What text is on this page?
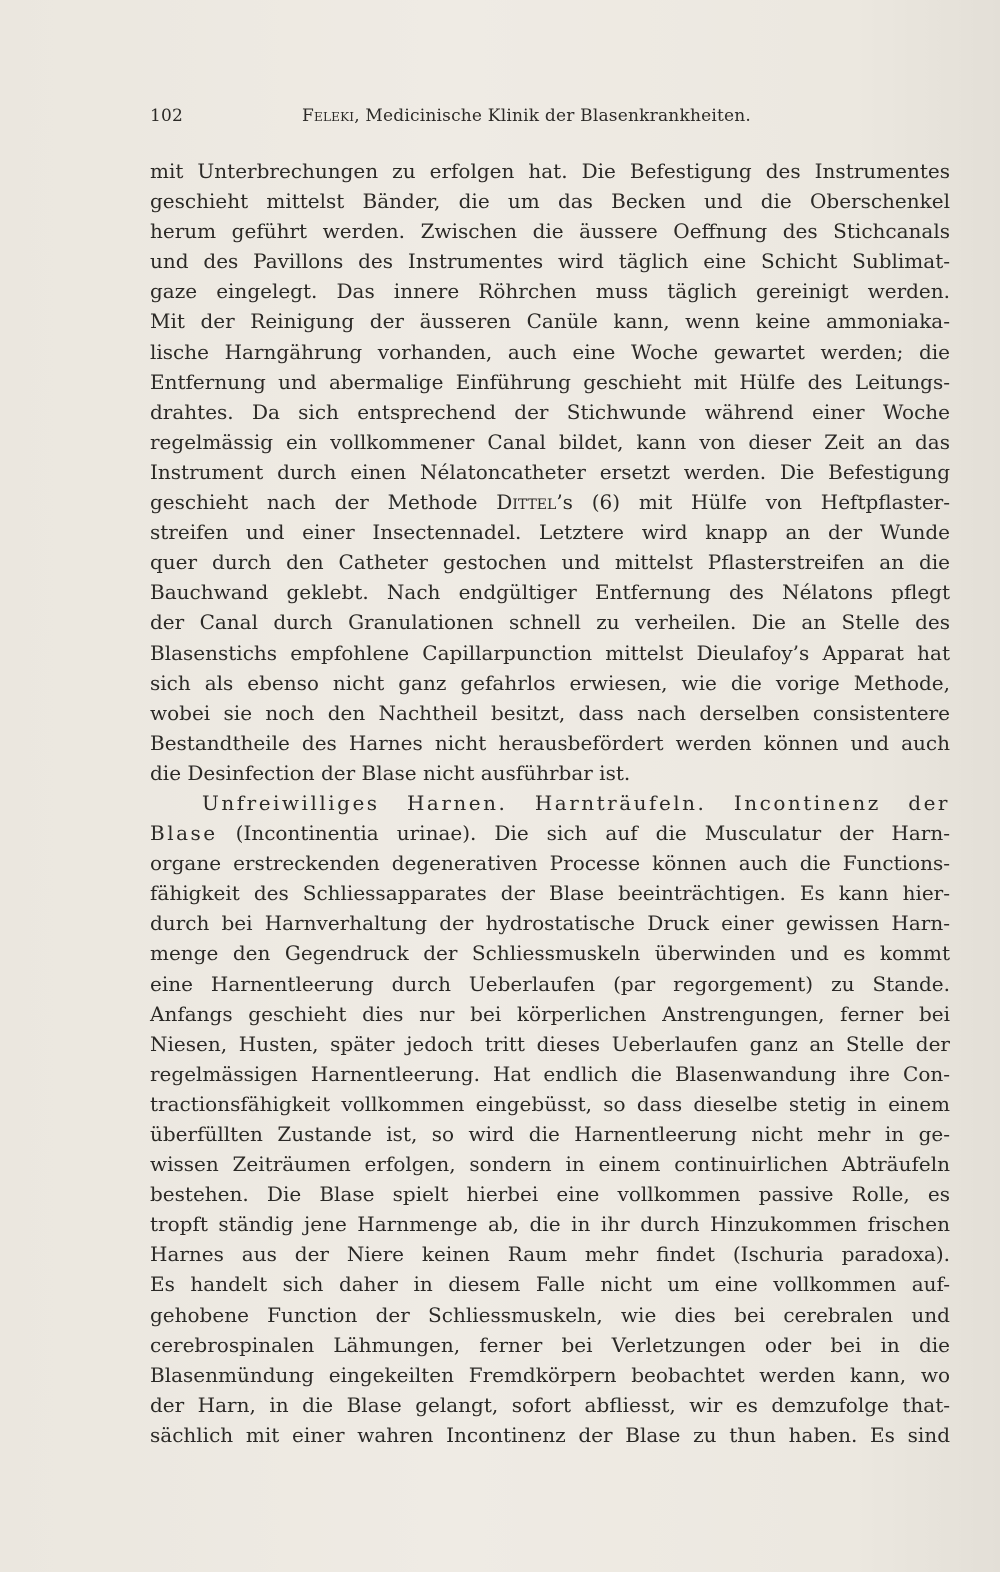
102	Feleki, Medicinische Klinik der Blasenkrankheiten.
mit Unterbrechungen zu erfolgen hat. Die Befestigung des Instrumentes
geschieht mittelst Bänder, die um das Becken und die Oberschenkel
herum geführt werden. Zwischen die äussere Oeffnung des Stichcanals
und des Pavillons des Instrumentes wird täglich eine Schicht Sublimat-
gaze eingelegt. Das innere Röhrchen muss täglich gereinigt werden.
Mit der Reinigung der äusseren Canüle kann, wenn keine ammoniaka-
lische Harngährung vorhanden, auch eine Woche gewartet werden; die
Entfernung und abermalige Einführung geschieht mit Hülfe des Leitungs-
drahtes. Da sich entsprechend der Stichwunde während einer Woche
regelmässig ein vollkommener Canal bildet, kann von dieser Zeit an das
Instrument durch einen Nélatoncatheter ersetzt werden. Die Befestigung
geschieht nach der Methode Dittel’s (6) mit Hülfe von Heftpflaster-
streifen und einer Insectennadel. Letztere wird knapp an der Wunde
quer durch den Catheter gestochen und mittelst Pflasterstreifen an die
Bauchwand geklebt. Nach endgültiger Entfernung des Nélatons pflegt
der Canal durch Granulationen schnell zu verheilen. Die an Stelle des
Blasenstichs empfohlene Capillarpunction mittelst Dieulafoy’s Apparat hat
sich als ebenso nicht ganz gefahrlos erwiesen, wie die vorige Methode,
wobei sie noch den Nachtheil besitzt, dass nach derselben consistentere
Bestandtheile des Harnes nicht herausbefördert werden können und auch
die Desinfection der Blase nicht ausführbar ist.
Unfreiwilliges Harnen. Harnträufeln. Incontinenz der
Blase (Incontinentia urinae). Die sich auf die Musculatur der Harn-
organe erstreckenden degenerativen Processe können auch die Functions-
fähigkeit des Schliessapparates der Blase beeinträchtigen. Es kann hier-
durch bei Harnverhaltung der hydrostatische Druck einer gewissen Harn-
menge den Gegendruck der Schliessmuskeln überwinden und es kommt
eine Harnentleerung durch Ueberlaufen (par regorgement) zu Stande.
Anfangs geschieht dies nur bei körperlichen Anstrengungen, ferner bei
Niesen, Husten, später jedoch tritt dieses Ueberlaufen ganz an Stelle der
regelmässigen Harnentleerung. Hat endlich die Blasenwandung ihre Con-
tractionsfähigkeit vollkommen eingebüsst, so dass dieselbe stetig in einem
überfüllten Zustande ist, so wird die Harnentleerung nicht mehr in ge-
wissen Zeiträumen erfolgen, sondern in einem continuirlichen Abträufeln
bestehen. Die Blase spielt hierbei eine vollkommen passive Rolle, es
tropft ständig jene Harnmenge ab, die in ihr durch Hinzukommen frischen
Harnes aus der Niere keinen Raum mehr findet (Ischuria paradoxa).
Es handelt sich daher in diesem Falle nicht um eine vollkommen auf-
gehobene Function der Schliessmuskeln, wie dies bei cerebralen und
cerebrospinalen Lähmungen, ferner bei Verletzungen oder bei in die
Blasenmündung eingekeilten Fremdkörpern beobachtet werden kann, wo
der Harn, in die Blase gelangt, sofort abfliesst, wir es demzufolge that-
sächlich mit einer wahren Incontinenz der Blase zu thun haben. Es sind
